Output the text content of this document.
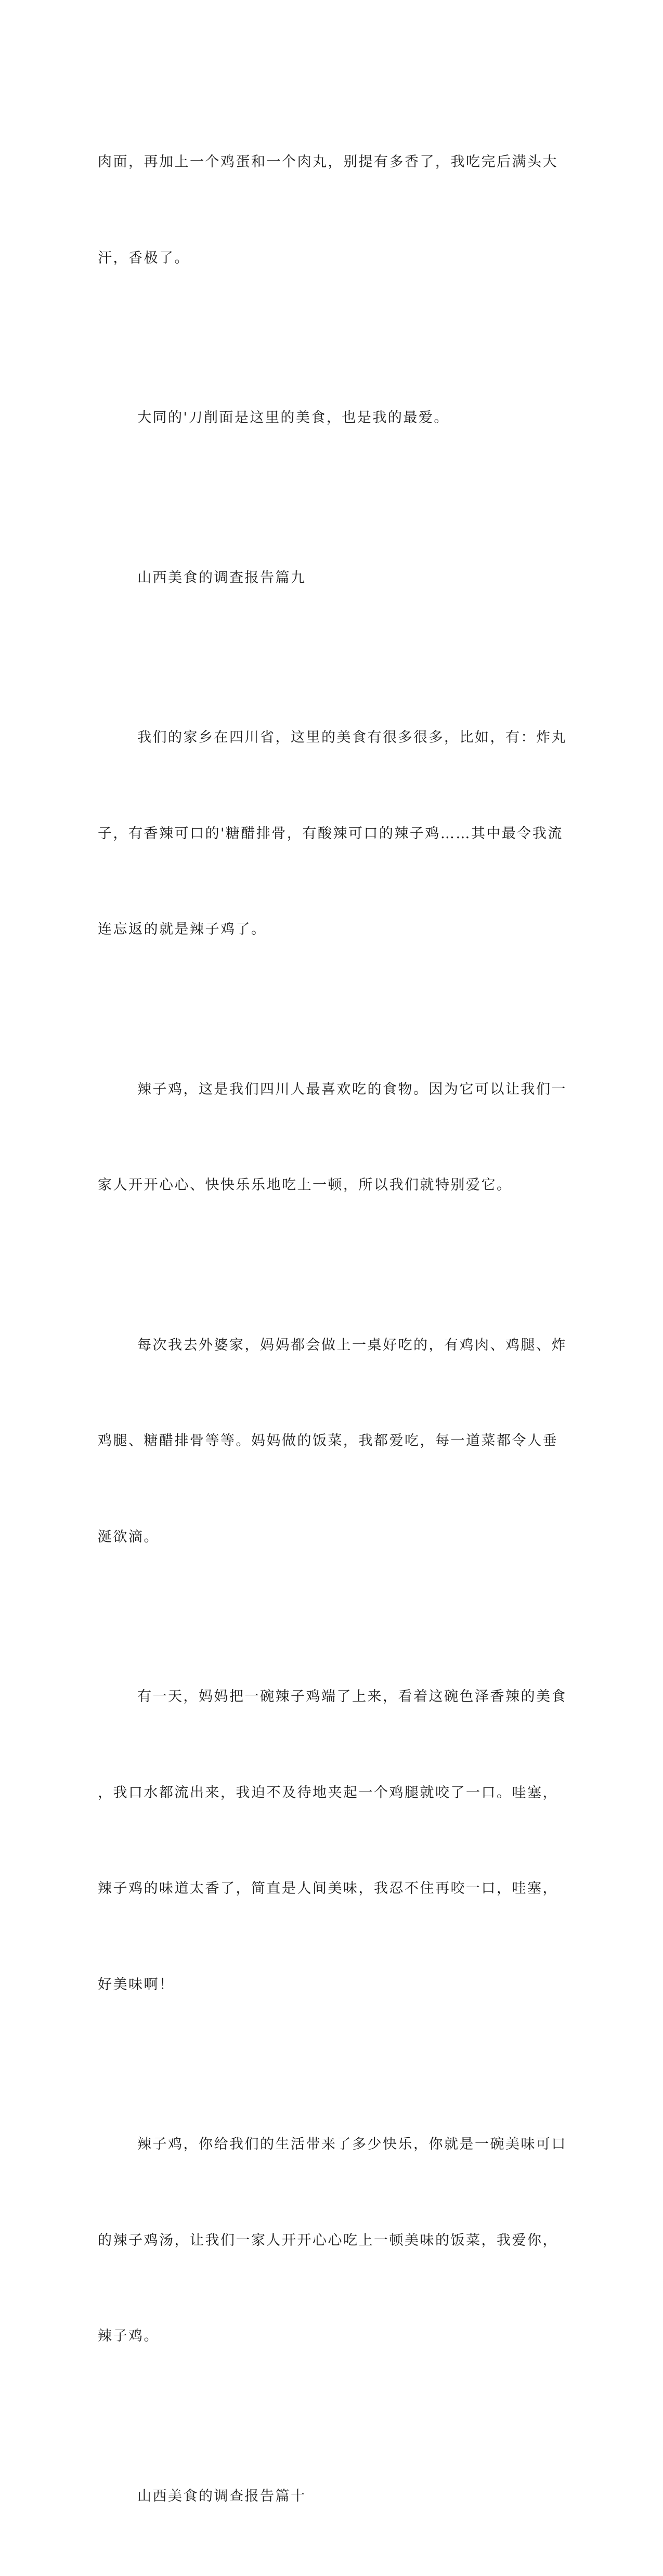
肉面，再加上一个鸡蛋和一个肉丸，别提有多香了，我吃完后满头大

汗，香极了。

大同的'刀削面是这里的美食，也是我的最爱。

山西美食的调查报告篇九

我们的家乡在四川省，这里的美食有很多很多，比如，有：炸丸

子，有香辣可口的'糖醋排骨，有酸辣可口的辣子鸡……其中最令我流

连忘返的就是辣子鸡了。

辣子鸡，这是我们四川人最喜欢吃的食物。因为它可以让我们一

家人开开心心、快快乐乐地吃上一顿，所以我们就特别爱它。

每次我去外婆家，妈妈都会做上一桌好吃的，有鸡肉、鸡腿、炸

鸡腿、糖醋排骨等等。妈妈做的饭菜，我都爱吃，每一道菜都令人垂

涎欲滴。

有一天，妈妈把一碗辣子鸡端了上来，看着这碗色泽香辣的美食

，我口水都流出来，我迫不及待地夹起一个鸡腿就咬了一口。哇塞，

辣子鸡的味道太香了，简直是人间美味，我忍不住再咬一口，哇塞，

好美味啊！

辣子鸡，你给我们的生活带来了多少快乐，你就是一碗美味可口

的辣子鸡汤，让我们一家人开开心心吃上一顿美味的饭菜，我爱你，

辣子鸡。

山西美食的调查报告篇十
